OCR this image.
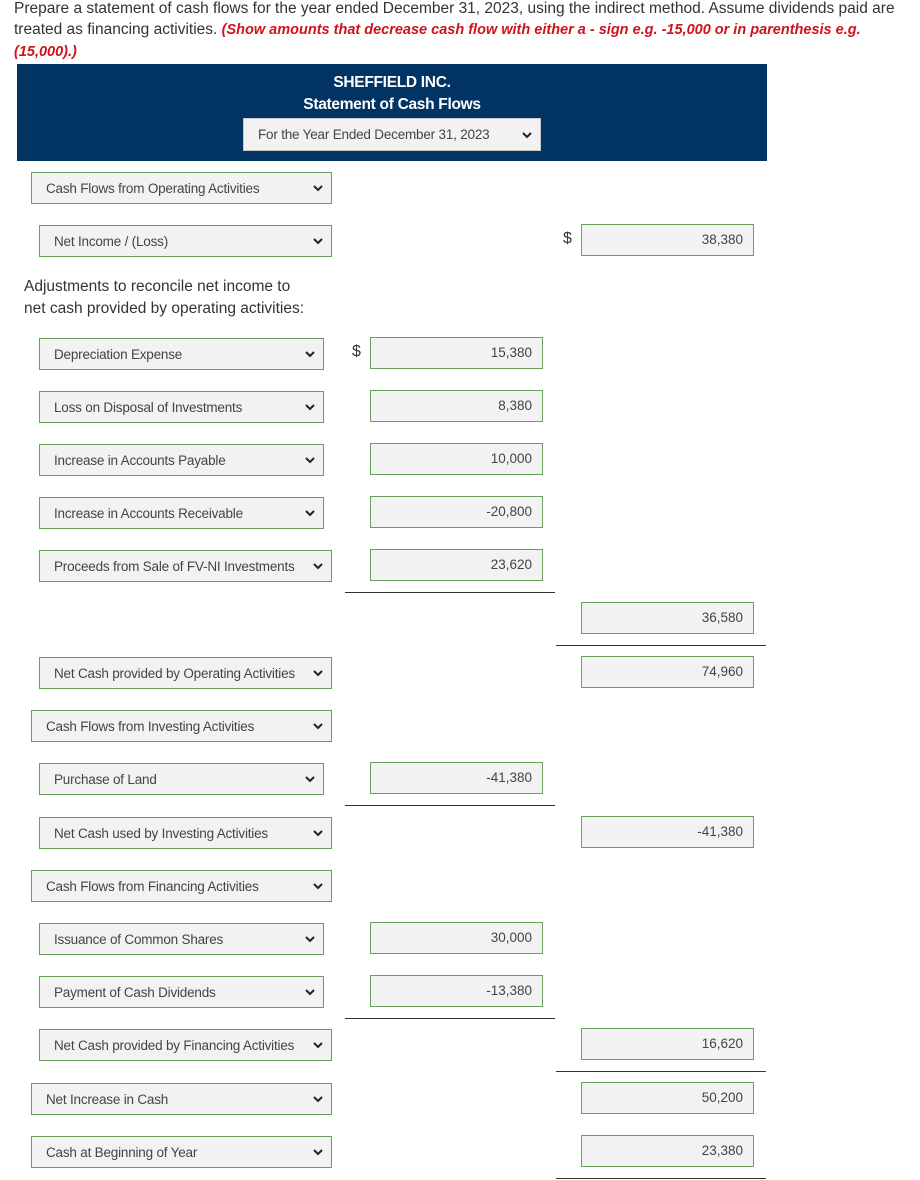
Prepare a statement of cash flows for the year ended December 31, 2023, using the indirect method. Assume dividends paid are treated as financing activities. (Show amounts that decrease cash flow with either a - sign e.g. -15,000 or in parenthesis e.g. (15,000).)
SHEFFIELD INC.
Statement of Cash Flows
For the Year Ended December 31, 2023
Cash Flows from Operating Activities
Net Income / (Loss)	$	38,380
Adjustments to reconcile net income to
net cash provided by operating activities:
Depreciation Expense	$	15,380
Loss on Disposal of Investments	8,380
Increase in Accounts Payable	10,000
Increase in Accounts Receivable	-20,800
Proceeds from Sale of FV-NI Investments	23,620
36,580
Net Cash provided by Operating Activities	74,960
Cash Flows from Investing Activities
Purchase of Land	-41,380
Net Cash used by Investing Activities	-41,380
Cash Flows from Financing Activities
Issuance of Common Shares	30,000
Payment of Cash Dividends	-13,380
Net Cash provided by Financing Activities	16,620
Net Increase in Cash	50,200
Cash at Beginning of Year	23,380
